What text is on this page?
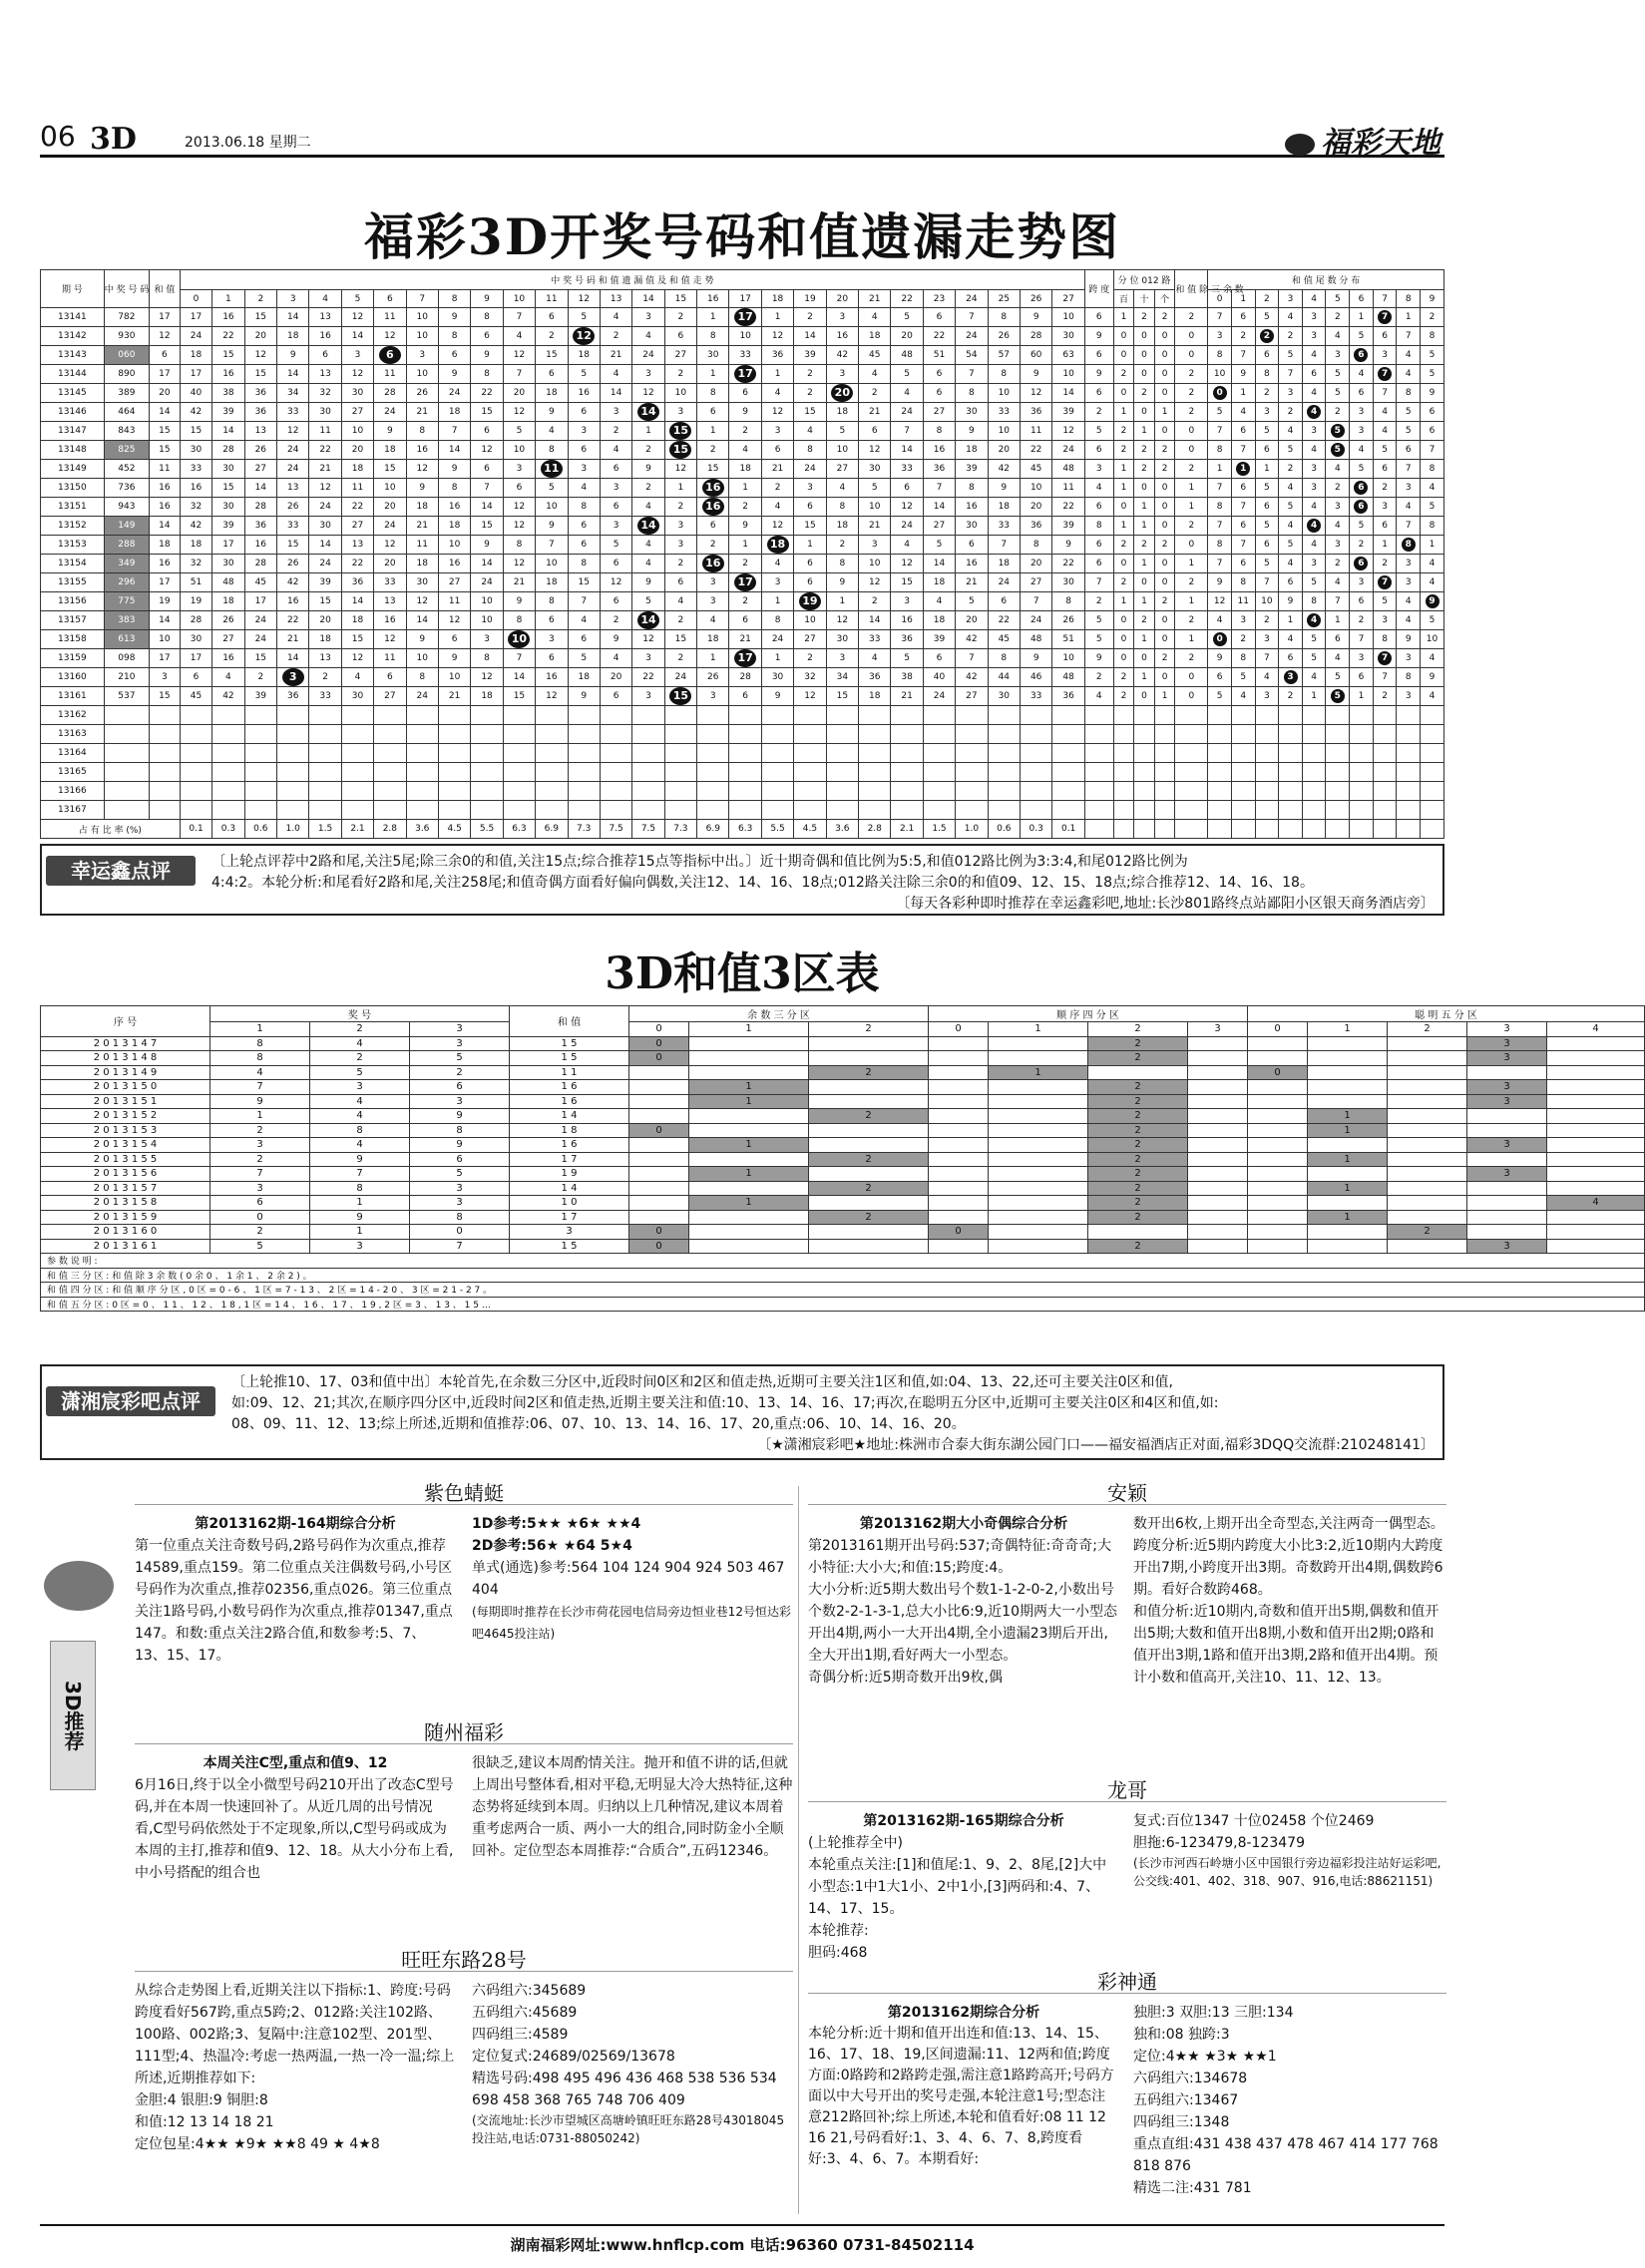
06 3D	2013.06.18 星期二	福彩天地
福彩3D开奖号码和值遗漏走势图
期 号	中 奖 号 码	和 值	中 奖 号 码 和 值 遗 漏 值 及 和 值 走 势																												跨 度	分 位 012 路			和 值 除 三 余 数	和 值 尾 数 分 布									
			0	1	2	3	4	5	6	7	8	9	10	11	12	13	14	15	16	17	18	19	20	21	22	23	24	25	26	27		百	十	个		0	1	2	3	4	5	6	7	8	9
13141	782	17	17	16	15	14	13	12	11	10	9	8	7	6	5	4	3	2	1	17	1	2	3	4	5	6	7	8	9	10	6	1	2	2	2	7	6	5	4	3	2	1	7	1	2
13142	930	12	24	22	20	18	16	14	12	10	8	6	4	2	12	2	4	6	8	10	12	14	16	18	20	22	24	26	28	30	9	0	0	0	0	3	2	2	2	3	4	5	6	7	8
13143	060	6	18	15	12	9	6	3	6	3	6	9	12	15	18	21	24	27	30	33	36	39	42	45	48	51	54	57	60	63	6	0	0	0	0	8	7	6	5	4	3	6	3	4	5
13144	890	17	17	16	15	14	13	12	11	10	9	8	7	6	5	4	3	2	1	17	1	2	3	4	5	6	7	8	9	10	9	2	0	0	2	10	9	8	7	6	5	4	7	4	5
13145	389	20	40	38	36	34	32	30	28	26	24	22	20	18	16	14	12	10	8	6	4	2	20	2	4	6	8	10	12	14	6	0	2	0	2	0	1	2	3	4	5	6	7	8	9
13146	464	14	42	39	36	33	30	27	24	21	18	15	12	9	6	3	14	3	6	9	12	15	18	21	24	27	30	33	36	39	2	1	0	1	2	5	4	3	2	4	2	3	4	5	6
13147	843	15	15	14	13	12	11	10	9	8	7	6	5	4	3	2	1	15	1	2	3	4	5	6	7	8	9	10	11	12	5	2	1	0	0	7	6	5	4	3	5	3	4	5	6
13148	825	15	30	28	26	24	22	20	18	16	14	12	10	8	6	4	2	15	2	4	6	8	10	12	14	16	18	20	22	24	6	2	2	2	0	8	7	6	5	4	5	4	5	6	7
13149	452	11	33	30	27	24	21	18	15	12	9	6	3	11	3	6	9	12	15	18	21	24	27	30	33	36	39	42	45	48	3	1	2	2	2	1	1	1	2	3	4	5	6	7	8
13150	736	16	16	15	14	13	12	11	10	9	8	7	6	5	4	3	2	1	16	1	2	3	4	5	6	7	8	9	10	11	4	1	0	0	1	7	6	5	4	3	2	6	2	3	4
13151	943	16	32	30	28	26	24	22	20	18	16	14	12	10	8	6	4	2	16	2	4	6	8	10	12	14	16	18	20	22	6	0	1	0	1	8	7	6	5	4	3	6	3	4	5
13152	149	14	42	39	36	33	30	27	24	21	18	15	12	9	6	3	14	3	6	9	12	15	18	21	24	27	30	33	36	39	8	1	1	0	2	7	6	5	4	4	4	5	6	7	8
13153	288	18	18	17	16	15	14	13	12	11	10	9	8	7	6	5	4	3	2	1	18	1	2	3	4	5	6	7	8	9	6	2	2	2	0	8	7	6	5	4	3	2	1	8	1
13154	349	16	32	30	28	26	24	22	20	18	16	14	12	10	8	6	4	2	16	2	4	6	8	10	12	14	16	18	20	22	6	0	1	0	1	7	6	5	4	3	2	6	2	3	4
13155	296	17	51	48	45	42	39	36	33	30	27	24	21	18	15	12	9	6	3	17	3	6	9	12	15	18	21	24	27	30	7	2	0	0	2	9	8	7	6	5	4	3	7	3	4
13156	775	19	19	18	17	16	15	14	13	12	11	10	9	8	7	6	5	4	3	2	1	19	1	2	3	4	5	6	7	8	2	1	1	2	1	12	11	10	9	8	7	6	5	4	9
13157	383	14	28	26	24	22	20	18	16	14	12	10	8	6	4	2	14	2	4	6	8	10	12	14	16	18	20	22	24	26	5	0	2	0	2	4	3	2	1	4	1	2	3	4	5
13158	613	10	30	27	24	21	18	15	12	9	6	3	10	3	6	9	12	15	18	21	24	27	30	33	36	39	42	45	48	51	5	0	1	0	1	0	2	3	4	5	6	7	8	9	10
13159	098	17	17	16	15	14	13	12	11	10	9	8	7	6	5	4	3	2	1	17	1	2	3	4	5	6	7	8	9	10	9	0	0	2	2	9	8	7	6	5	4	3	7	3	4
13160	210	3	6	4	2	3	2	4	6	8	10	12	14	16	18	20	22	24	26	28	30	32	34	36	38	40	42	44	46	48	2	2	1	0	0	6	5	4	3	4	5	6	7	8	9
13161	537	15	45	42	39	36	33	30	27	24	21	18	15	12	9	6	3	15	3	6	9	12	15	18	21	24	27	30	33	36	4	2	0	1	0	5	4	3	2	1	5	1	2	3	4
13162																																													
13163																																													
13164																																													
13165																																													
13166																																													
13167																																													
占 有 比 率 (%)			0.1	0.3	0.6	1.0	1.5	2.1	2.8	3.6	4.5	5.5	6.3	6.9	7.3	7.5	7.5	7.3	6.9	6.3	5.5	4.5	3.6	2.8	2.1	1.5	1.0	0.6	0.3	0.1															
幸运鑫点评	〔上轮点评荐中2路和尾,关注5尾;除三余0的和值,关注15点;综合推荐15点等指标中出。〕近十期奇偶和值比例为5:5,和值012路比例为3:3:4,和尾012路比例为

4:4:2。本轮分析:和尾看好2路和尾,关注258尾;和值奇偶方面看好偏向偶数,关注12、14、16、18点;012路关注除三余0的和值09、12、15、18点;综合推荐12、14、16、18。

〔每天各彩种即时推荐在幸运鑫彩吧,地址:长沙801路终点站鄙阳小区银天商务酒店旁〕

3D和值3区表
序 号	奖 号			和 值	余 数 三 分 区			顺 序 四 分 区				聪 明 五 分 区				
	1	2	3		0	1	2	0	1	2	3	0	1	2	3	4
2 0 1 3 1 4 7	8	4	3	1 5	0					2					3	
2 0 1 3 1 4 8	8	2	5	1 5	0					2					3	
2 0 1 3 1 4 9	4	5	2	1 1			2		1			0				
2 0 1 3 1 5 0	7	3	6	1 6		1				2					3	
2 0 1 3 1 5 1	9	4	3	1 6		1				2					3	
2 0 1 3 1 5 2	1	4	9	1 4			2			2			1			
2 0 1 3 1 5 3	2	8	8	1 8	0					2			1			
2 0 1 3 1 5 4	3	4	9	1 6		1				2					3	
2 0 1 3 1 5 5	2	9	6	1 7			2			2			1			
2 0 1 3 1 5 6	7	7	5	1 9		1				2					3	
2 0 1 3 1 5 7	3	8	3	1 4			2			2			1			
2 0 1 3 1 5 8	6	1	3	1 0		1				2						4
2 0 1 3 1 5 9	0	9	8	1 7			2			2			1			
2 0 1 3 1 6 0	2	1	0	3	0			0						2		
2 0 1 3 1 6 1	5	3	7	1 5	0					2					3	
参 数 说 明 :																
和 值 三 分 区 : 和 值 除 3 余 数 ( 0 余 0 、 1 余 1 、 2 余 2 ) 。																
和 值 四 分 区 : 和 值 顺 序 分 区 , 0 区 = 0 - 6 、 1 区 = 7 - 1 3 、 2 区 = 1 4 - 2 0 、 3 区 = 2 1 - 2 7 。																
和 值 五 分 区 : 0 区 = 0 、 1 1 、 1 2 、 1 8 , 1 区 = 1 4 、 1 6 、 1 7 、 1 9 , 2 区 = 3 、 1 3 、 1 5 …																
潇湘宸彩吧点评

〔上轮推10、17、03和值中出〕本轮首先,在余数三分区中,近段时间0区和2区和值走热,近期可主要关注1区和值,如:04、13、22,还可主要关注0区和值,

如:09、12、21;其次,在顺序四分区中,近段时间2区和值走热,近期主要关注和值:10、13、14、16、17;再次,在聪明五分区中,近期可主要关注0区和4区和值,如:

08、09、11、12、13;综上所述,近期和值推荐:06、07、10、13、14、16、17、20,重点:06、10、14、16、20。

〔★潇湘宸彩吧★地址:株洲市合泰大街东湖公园门口——福安福酒店正对面,福彩3DQQ交流群:210248141〕

3D推荐
紫色蜻蜓

第2013162期-164期综合分析

第一位重点关注奇数号码,2路号码作为次重点,推荐14589,重点159。第二位重点关注偶数号码,小号区号码作为次重点,推荐02356,重点026。第三位重点关注1路号码,小数号码作为次重点,推荐01347,重点147。和数:重点关注2路合值,和数参考:5、7、13、15、17。

1D参考:5★★ ★6★ ★★4

2D参考:56★ ★64 5★4

单式(通选)参考:564 104 124 904 924 503 467 404

(每期即时推荐在长沙市荷花园电信局旁边恒业巷12号恒达彩吧4645投注站)

随州福彩

本周关注C型,重点和值9、12

6月16日,终于以全小微型号码210开出了改态C型号码,并在本周一快速回补了。从近几周的出号情况看,C型号码依然处于不定现象,所以,C型号码或成为本周的主打,推荐和值9、12、18。从大小分布上看,中小号搭配的组合也

很缺乏,建议本周酌情关注。抛开和值不讲的话,但就上周出号整体看,相对平稳,无明显大冷大热特征,这种态势将延续到本周。归纳以上几种情况,建议本周着重考虑两合一质、两小一大的组合,同时防金小全顺回补。定位型态本周推荐:“合质合”,五码12346。

旺旺东路28号

从综合走势图上看,近期关注以下指标:1、跨度:号码跨度看好567跨,重点5跨;2、012路:关注102路、100路、002路;3、复隔中:注意102型、201型、111型;4、热温冷:考虑一热两温,一热一冷一温;综上所述,近期推荐如下:

金胆:4 银胆:9 铜胆:8

和值:12 13 14 18 21

定位包星:4★★ ★9★ ★★8 49 ★ 4★8

六码组六:345689

五码组六:45689

四码组三:4589

定位复式:24689/02569/13678

精选号码:498 495 496 436 468 538 536 534 698 458 368 765 748 706 409

(交流地址:长沙市望城区高塘岭镇旺旺东路28号43018045投注站,电话:0731-88050242)

安颖

第2013162期大小奇偶综合分析

第2013161期开出号码:537;奇偶特征:奇奇奇;大小特征:大小大;和值:15;跨度:4。

大小分析:近5期大数出号个数1-1-2-0-2,小数出号个数2-2-1-3-1,总大小比6:9,近10期两大一小型态开出4期,两小一大开出4期,全小遗漏23期后开出,全大开出1期,看好两大一小型态。

奇偶分析:近5期奇数开出9枚,偶

数开出6枚,上期开出全奇型态,关注两奇一偶型态。

跨度分析:近5期内跨度大小比3:2,近10期内大跨度开出7期,小跨度开出3期。奇数跨开出4期,偶数跨6期。看好合数跨468。

和值分析:近10期内,奇数和值开出5期,偶数和值开出5期;大数和值开出8期,小数和值开出2期;0路和值开出3期,1路和值开出3期,2路和值开出4期。预计小数和值高开,关注10、11、12、13。

龙哥

第2013162期-165期综合分析

(上轮推荐全中)

本轮重点关注:[1]和值尾:1、9、2、8尾,[2]大中小型态:1中1大1小、2中1小,[3]两码和:4、7、14、17、15。

本轮推荐:

胆码:468

复式:百位1347 十位02458 个位2469

胆拖:6-123479,8-123479

(长沙市河西石岭塘小区中国银行旁边福彩投注站好运彩吧,公交线:401、402、318、907、916,电话:88621151)

彩神通

第2013162期综合分析

本轮分析:近十期和值开出连和值:13、14、15、16、17、18、19,区间遗漏:11、12两和值;跨度方面:0路跨和2路跨走强,需注意1路跨高开;号码方面以中大号开出的奖号走强,本轮注意1号;型态注意212路回补;综上所述,本轮和值看好:08 11 12 16 21,号码看好:1、3、4、6、7、8,跨度看好:3、4、6、7。本期看好:

独胆:3 双胆:13 三胆:134

独和:08 独跨:3

定位:4★★ ★3★ ★★1

六码组六:134678

五码组六:13467

四码组三:1348

重点直组:431 438 437 478 467 414 177 768 818 876

精选二注:431 781

湖南福彩网址:www.hnflcp.com 电话:96360 0731-84502114
